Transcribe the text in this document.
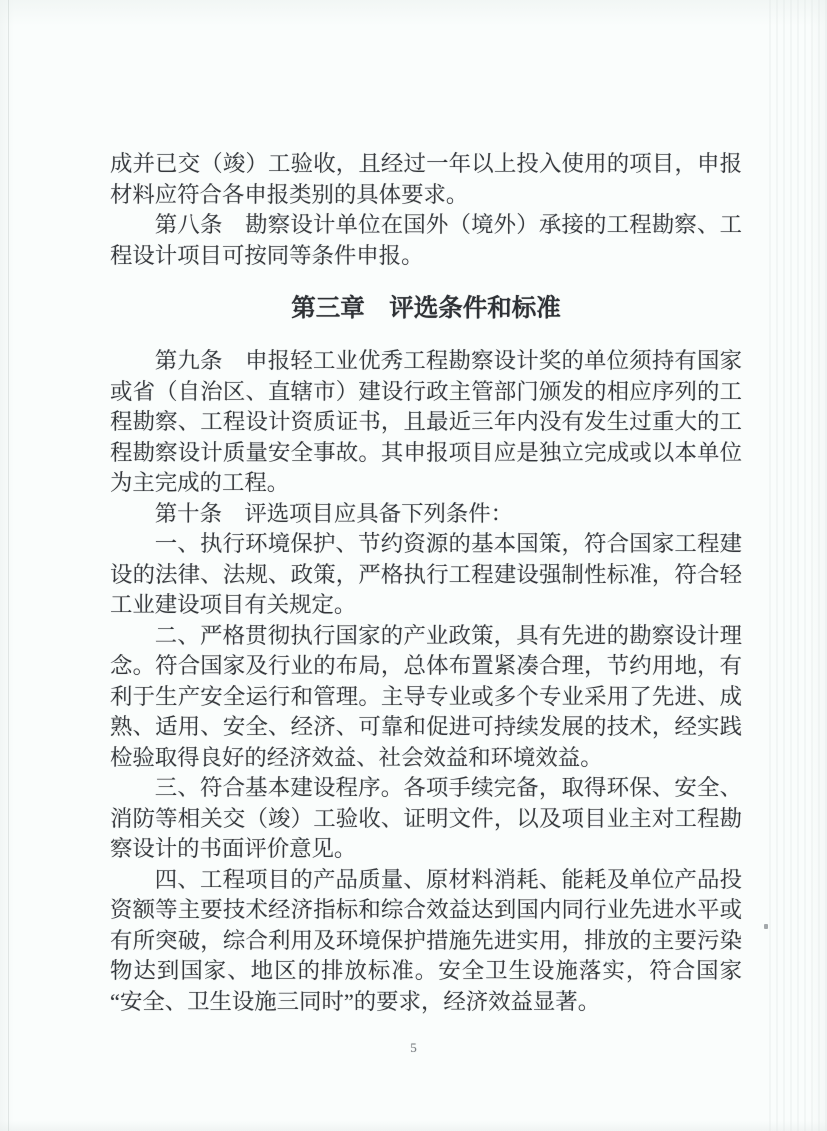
成并已交（竣）工验收，且经过一年以上投入使用的项目，申报材料应符合各申报类别的具体要求。

第八条　勘察设计单位在国外（境外）承接的工程勘察、工程设计项目可按同等条件申报。

第三章　评选条件和标准

第九条　申报轻工业优秀工程勘察设计奖的单位须持有国家或省（自治区、直辖市）建设行政主管部门颁发的相应序列的工程勘察、工程设计资质证书，且最近三年内没有发生过重大的工程勘察设计质量安全事故。其申报项目应是独立完成或以本单位为主完成的工程。

第十条　评选项目应具备下列条件：

一、执行环境保护、节约资源的基本国策，符合国家工程建设的法律、法规、政策，严格执行工程建设强制性标准，符合轻工业建设项目有关规定。

二、严格贯彻执行国家的产业政策，具有先进的勘察设计理念。符合国家及行业的布局，总体布置紧凑合理，节约用地，有利于生产安全运行和管理。主导专业或多个专业采用了先进、成熟、适用、安全、经济、可靠和促进可持续发展的技术，经实践检验取得良好的经济效益、社会效益和环境效益。

三、符合基本建设程序。各项手续完备，取得环保、安全、消防等相关交（竣）工验收、证明文件，以及项目业主对工程勘察设计的书面评价意见。

四、工程项目的产品质量、原材料消耗、能耗及单位产品投资额等主要技术经济指标和综合效益达到国内同行业先进水平或有所突破，综合利用及环境保护措施先进实用，排放的主要污染物达到国家、地区的排放标准。安全卫生设施落实，符合国家“安全、卫生设施三同时”的要求，经济效益显著。

5
